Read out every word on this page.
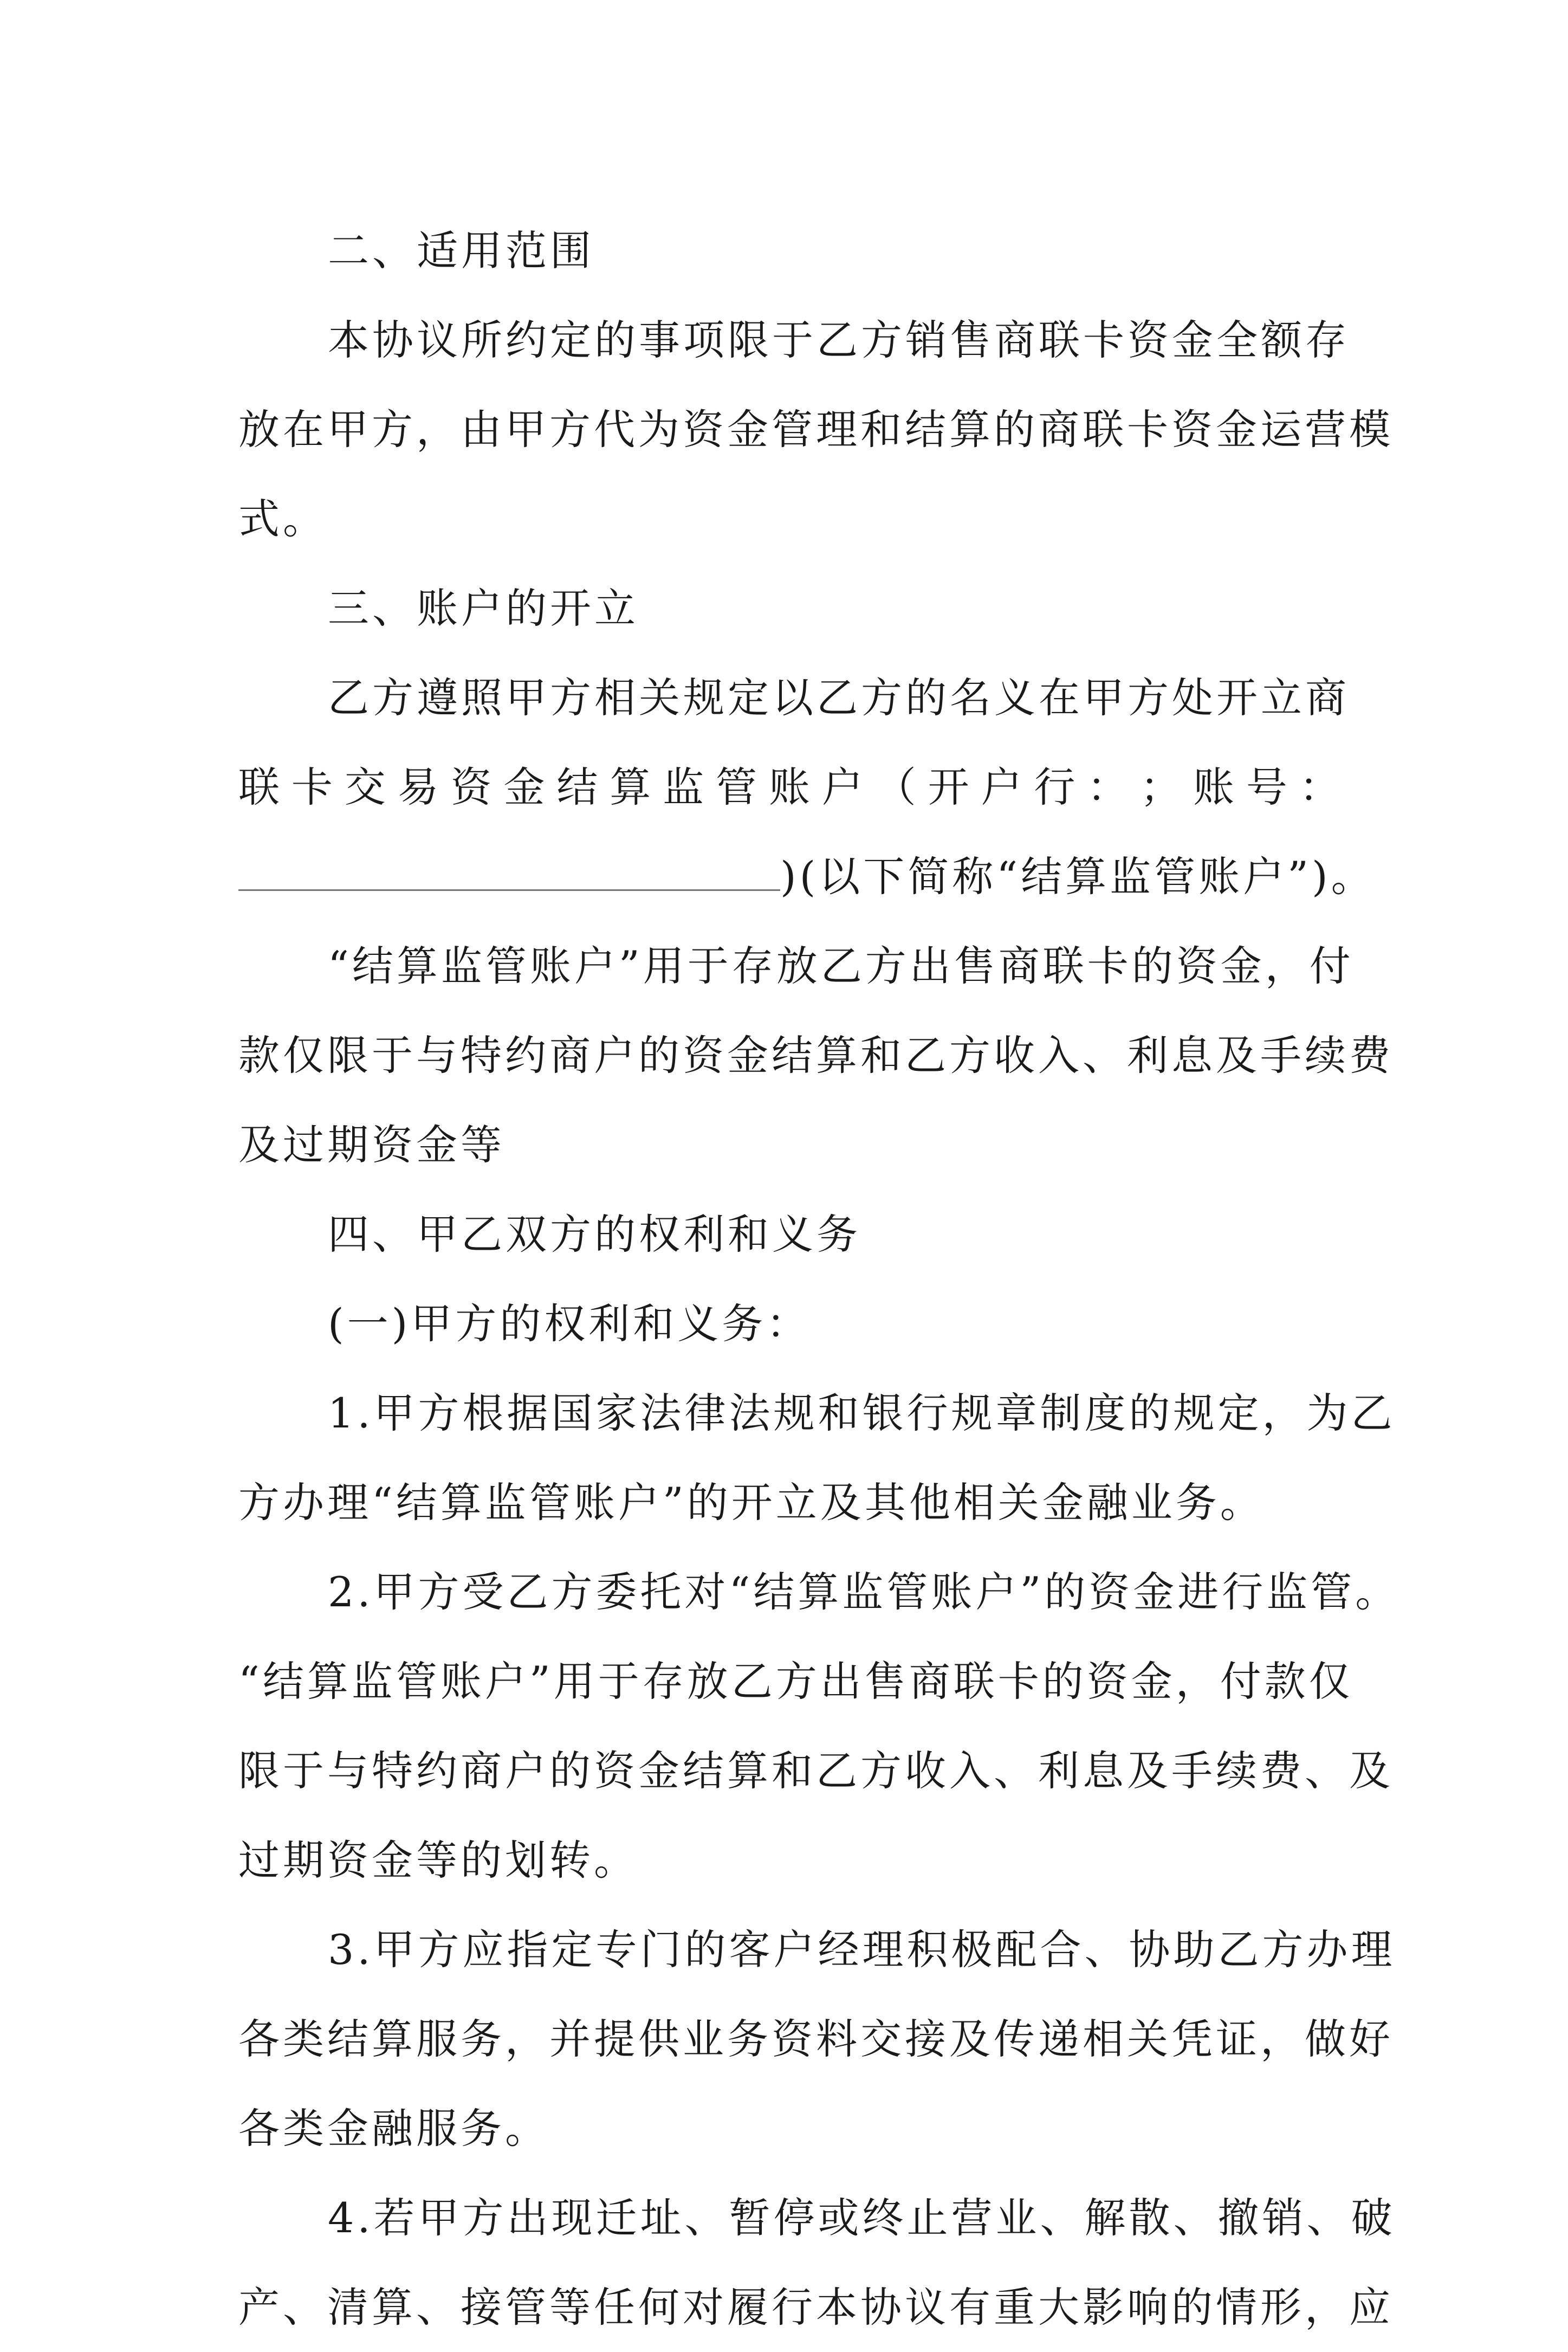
二、适用范围
本协议所约定的事项限于乙方销售商联卡资金全额存
放在甲方，由甲方代为资金管理和结算的商联卡资金运营模
式。
三、账户的开立
乙方遵照甲方相关规定以乙方的名义在甲方处开立商
联 卡 交 易 资 金 结 算 监 管 账 户 （ 开 户 行 ： ； 账 号 ：
)(以下简称“结算监管账户”)。
“结算监管账户”用于存放乙方出售商联卡的资金，付
款仅限于与特约商户的资金结算和乙方收入、利息及手续费
及过期资金等
四、甲乙双方的权利和义务
(一)甲方的权利和义务：
1.甲方根据国家法律法规和银行规章制度的规定，为乙
方办理“结算监管账户”的开立及其他相关金融业务。
2.甲方受乙方委托对“结算监管账户”的资金进行监管。
“结算监管账户”用于存放乙方出售商联卡的资金，付款仅
限于与特约商户的资金结算和乙方收入、利息及手续费、及
过期资金等的划转。
3.甲方应指定专门的客户经理积极配合、协助乙方办理
各类结算服务，并提供业务资料交接及传递相关凭证，做好
各类金融服务。
4.若甲方出现迁址、暂停或终止营业、解散、撤销、破
产、清算、接管等任何对履行本协议有重大影响的情形，应
